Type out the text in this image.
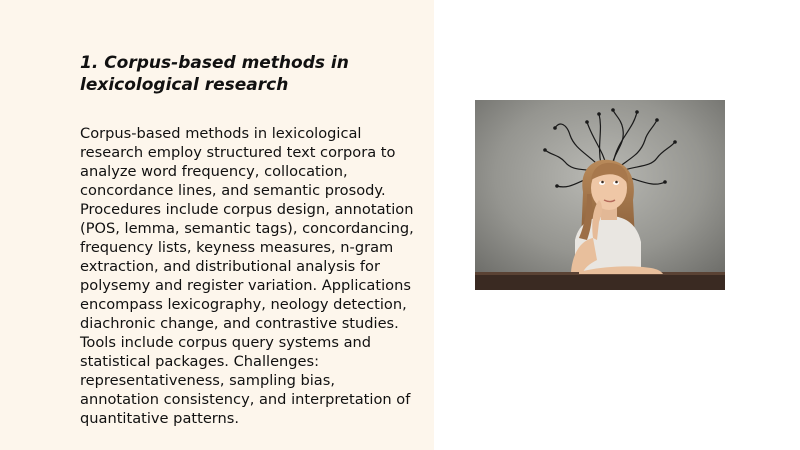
1. Corpus-based methods in lexicological research

Corpus-based methods in lexicological research employ structured text corpora to analyze word frequency, collocation, concordance lines, and semantic prosody. Procedures include corpus design, annotation (POS, lemma, semantic tags), concordancing, frequency lists, keyness measures, n-gram extraction, and distributional analysis for polysemy and register variation. Applications encompass lexicography, neology detection, diachronic change, and contrastive studies. Tools include corpus query systems and statistical packages. Challenges: representativeness, sampling bias, annotation consistency, and interpretation of quantitative patterns.
